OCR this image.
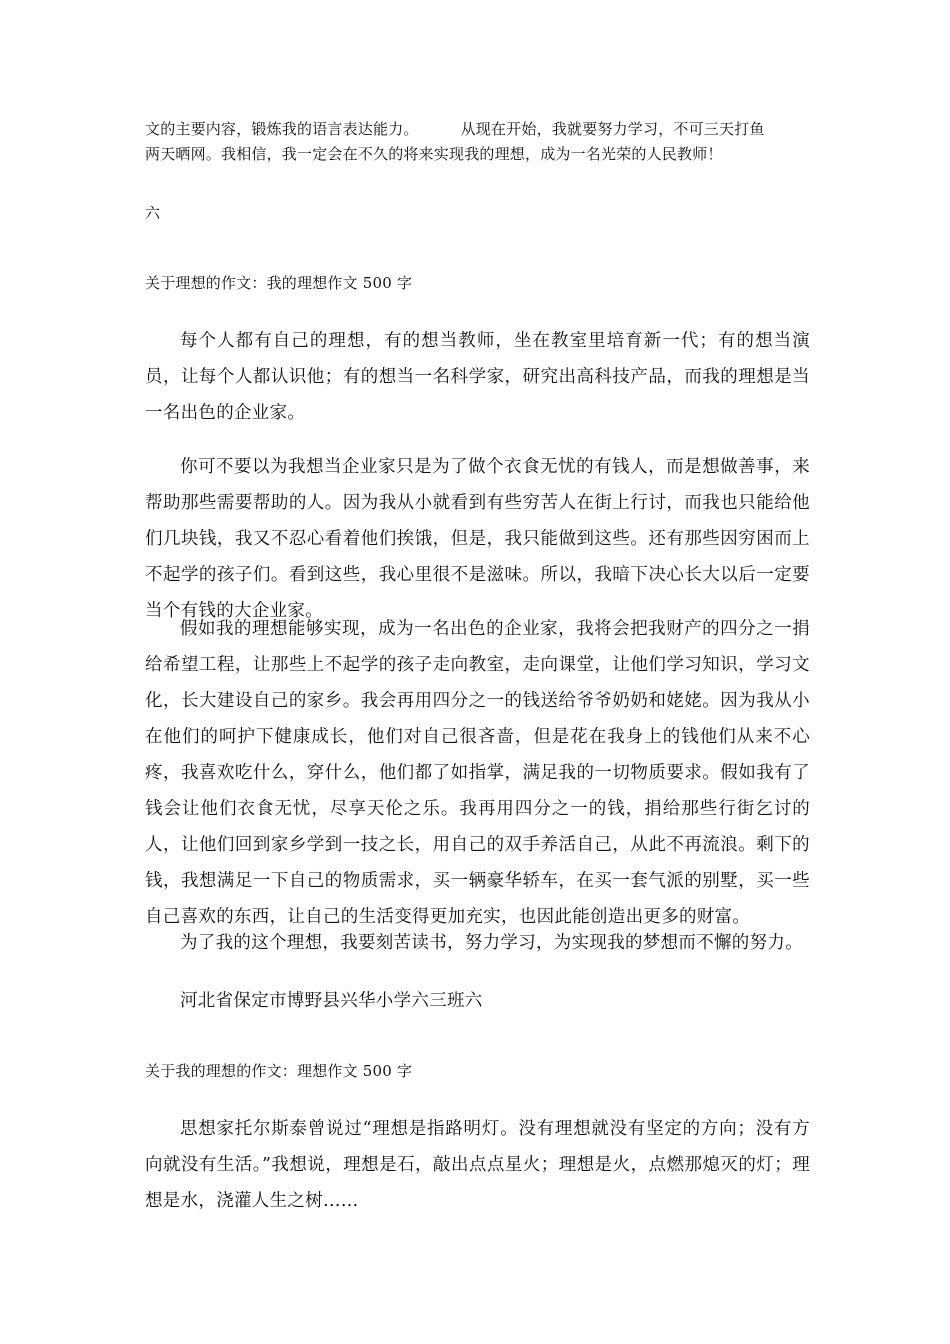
文的主要内容，锻炼我的语言表达能力。	从现在开始，我就要努力学习，不可三天打鱼
两天晒网。我相信，我一定会在不久的将来实现我的理想，成为一名光荣的人民教师！
六
关于理想的作文：我的理想作文 500 字

每个人都有自己的理想，有的想当教师，坐在教室里培育新一代；有的想当演员，让每个人都认识他；有的想当一名科学家，研究出高科技产品，而我的理想是当一名出色的企业家。

你可不要以为我想当企业家只是为了做个衣食无忧的有钱人，而是想做善事，来帮助那些需要帮助的人。因为我从小就看到有些穷苦人在街上行讨，而我也只能给他们几块钱，我又不忍心看着他们挨饿，但是，我只能做到这些。还有那些因穷困而上不起学的孩子们。看到这些，我心里很不是滋味。所以，我暗下决心长大以后一定要当个有钱的大企业家。

假如我的理想能够实现，成为一名出色的企业家，我将会把我财产的四分之一捐给希望工程，让那些上不起学的孩子走向教室，走向课堂，让他们学习知识，学习文化，长大建设自己的家乡。我会再用四分之一的钱送给爷爷奶奶和姥姥。因为我从小在他们的呵护下健康成长，他们对自己很吝啬，但是花在我身上的钱他们从来不心疼，我喜欢吃什么，穿什么，他们都了如指掌，满足我的一切物质要求。假如我有了钱会让他们衣食无忧，尽享天伦之乐。我再用四分之一的钱，捐给那些行街乞讨的人，让他们回到家乡学到一技之长，用自己的双手养活自己，从此不再流浪。剩下的钱，我想满足一下自己的物质需求，买一辆豪华轿车，在买一套气派的别墅，买一些自己喜欢的东西，让自己的生活变得更加充实，也因此能创造出更多的财富。

为了我的这个理想，我要刻苦读书，努力学习，为实现我的梦想而不懈的努力。

河北省保定市博野县兴华小学六三班六

关于我的理想的作文：理想作文 500 字

思想家托尔斯泰曾说过“理想是指路明灯。没有理想就没有坚定的方向；没有方向就没有生活。”我想说，理想是石，敲出点点星火；理想是火，点燃那熄灭的灯；理想是水，浇灌人生之树……
